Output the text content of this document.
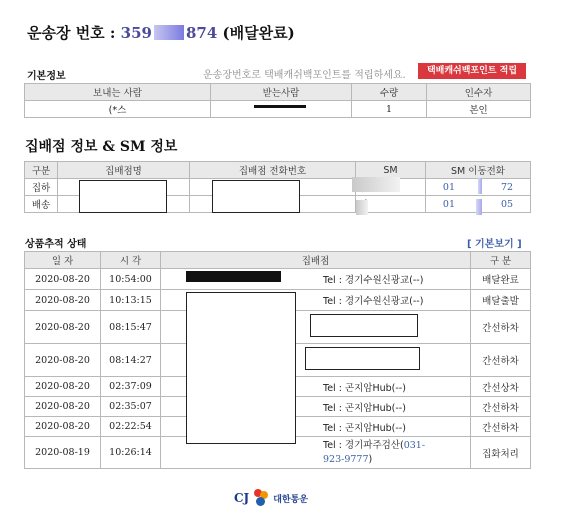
운송장 번호 : 359 874 (배달완료)
기본정보	운송장번호로 택배캐쉬백포인트를 적립하세요.	택배캐쉬백포인트 적립
보내는 사람	받는사람	수량	인수자
(*스		1	본인
집배점 정보 & SM 정보
구분	집배점명	집배점 전화번호	SM	SM 이동전화
집하				01 72
배송				01 05
상품추적 상태	[ 기본보기 ]
일 자	시 각	집배점	구 분
2020-08-20	10:54:00	Tel : 경기수원신광교(--)	배달완료
2020-08-20	10:13:15	Tel : 경기수원신광교(--)	배달출발
2020-08-20	08:15:47		간선하차
2020-08-20	08:14:27		간선하차
2020-08-20	02:37:09	Tel : 곤지암Hub(--)	간선상차
2020-08-20	02:35:07	Tel : 곤지암Hub(--)	간선하차
2020-08-20	02:22:54	Tel : 곤지암Hub(--)	간선하차
2020-08-19	10:26:14	Tel : 경기파주검산(031-
923-9777)	집화처리
CJ	대한통운
